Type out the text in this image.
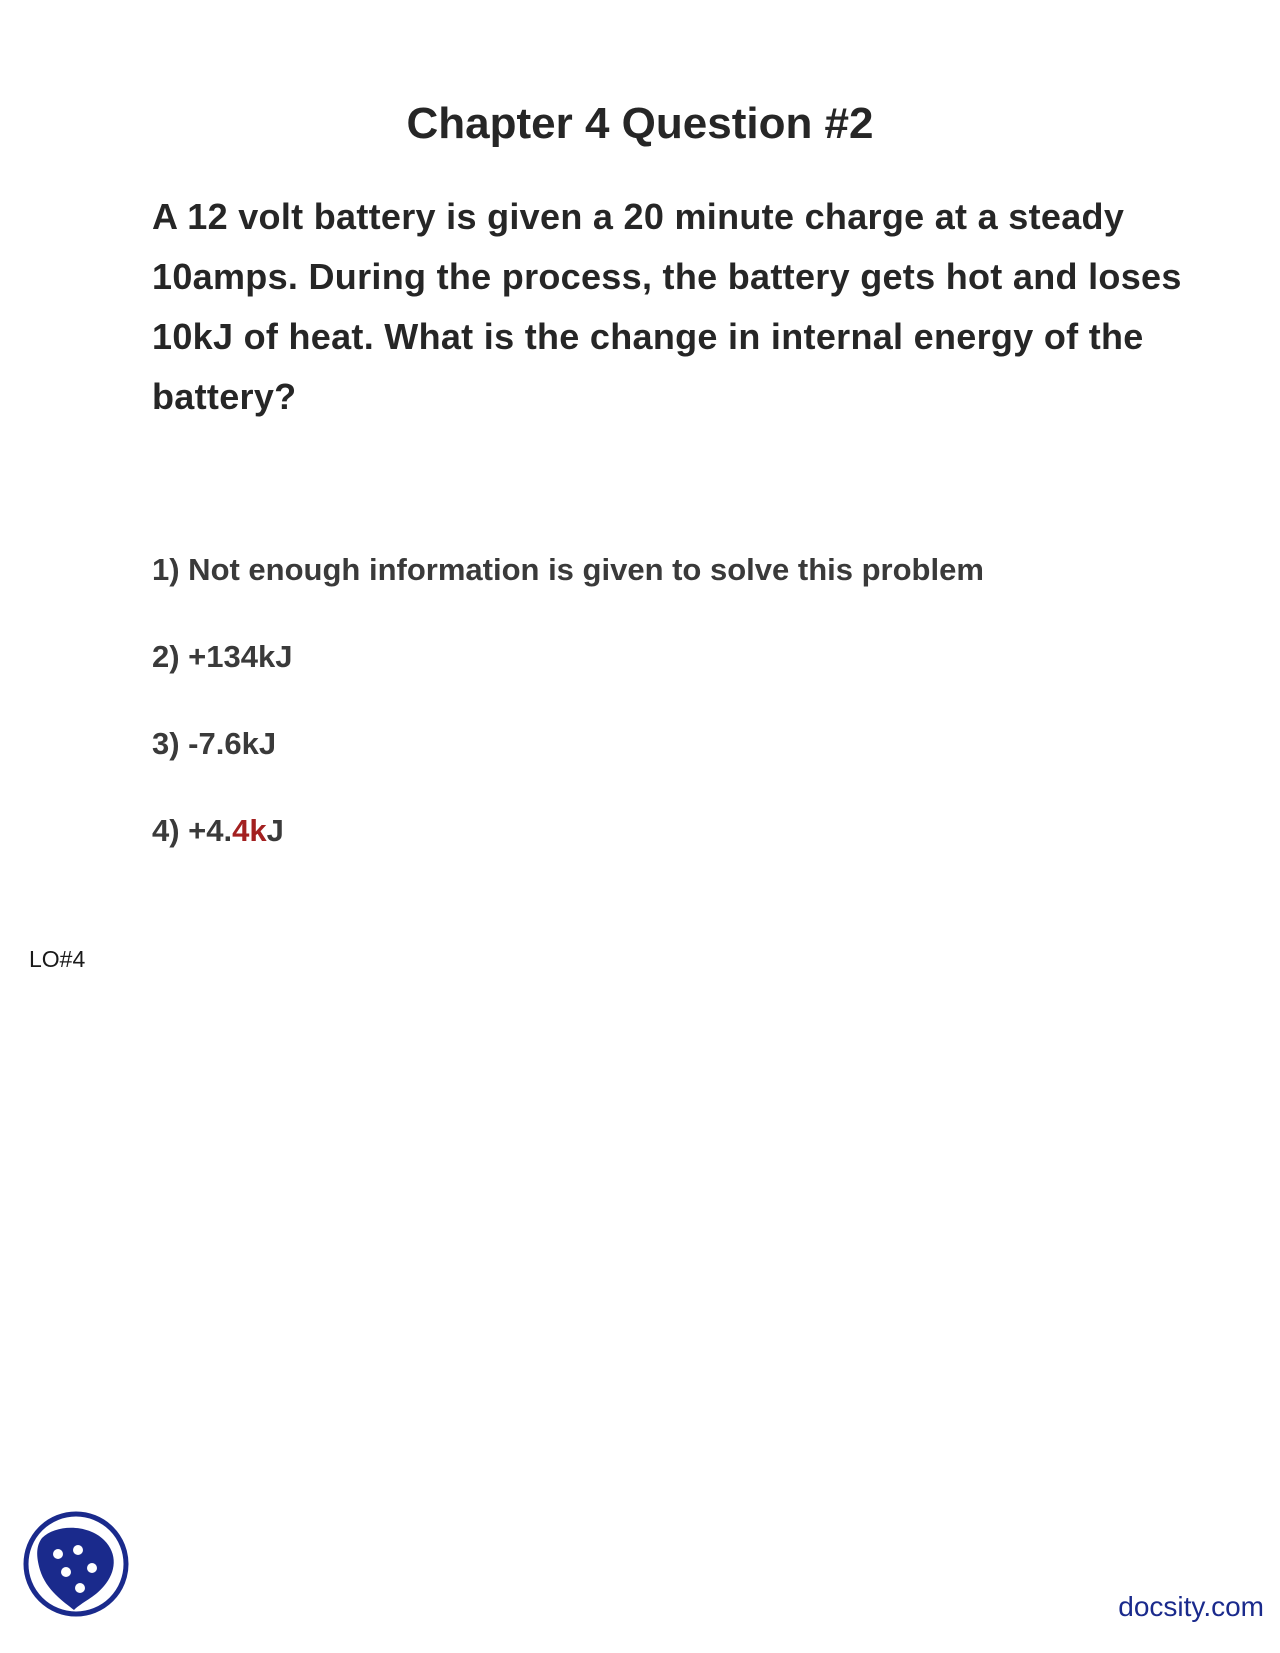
Chapter 4 Question #2
A 12 volt battery is given a 20 minute charge at a steady 10amps. During the process, the battery gets hot and loses 10kJ of heat. What is the change in internal energy of the battery?
1) Not enough information is given to solve this problem
2) +134kJ
3) -7.6kJ
4) +4.4kJ
LO#4
docsity.com
